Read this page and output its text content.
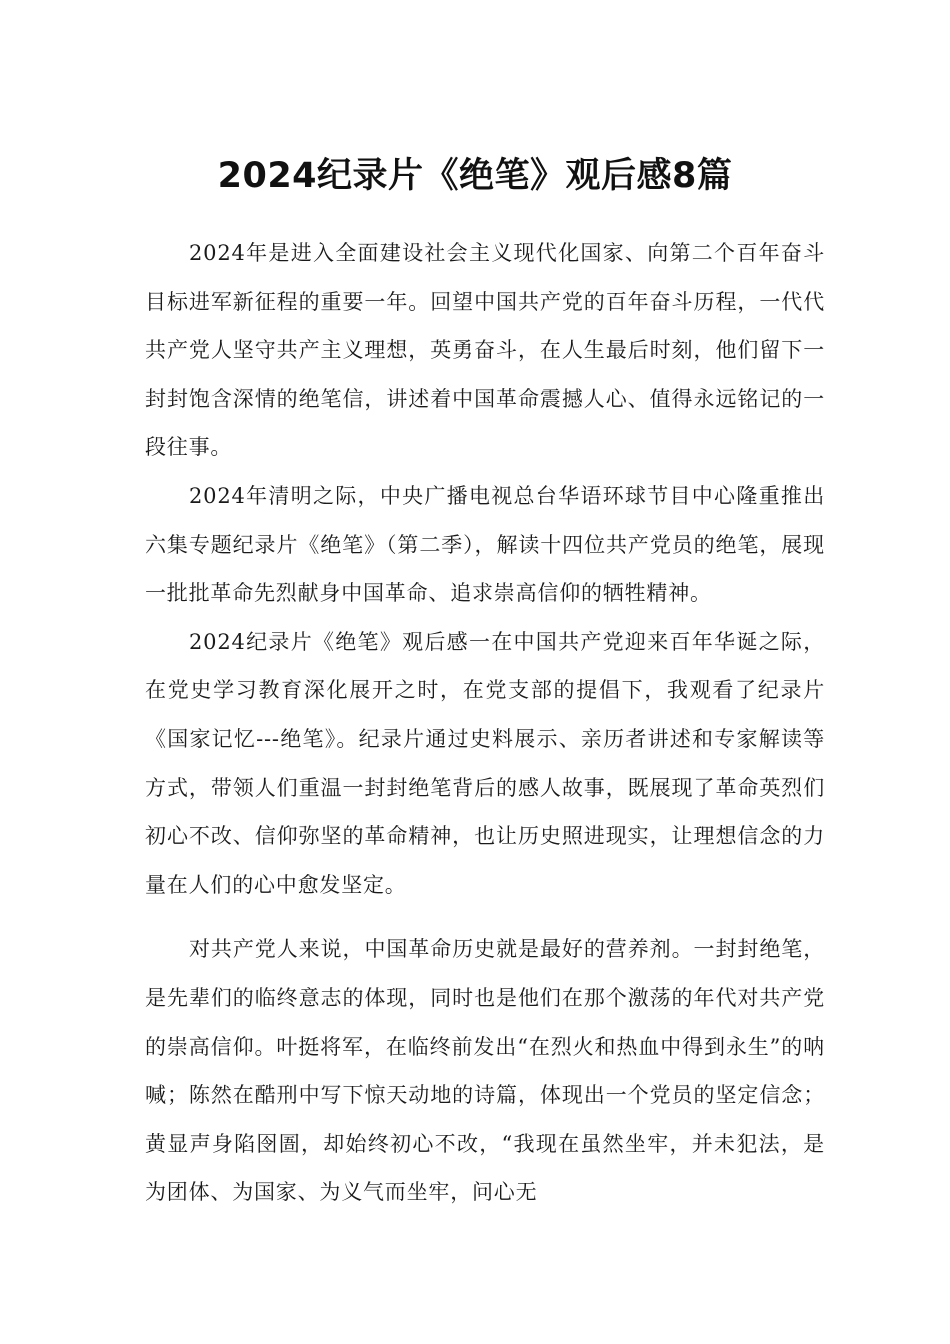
2024纪录片《绝笔》观后感8篇

2024年是进入全面建设社会主义现代化国家、向第二个百年奋斗目标进军新征程的重要一年。回望中国共产党的百年奋斗历程，一代代共产党人坚守共产主义理想，英勇奋斗，在人生最后时刻，他们留下一封封饱含深情的绝笔信，讲述着中国革命震撼人心、值得永远铭记的一段往事。

2024年清明之际，中央广播电视总台华语环球节目中心隆重推出六集专题纪录片《绝笔》（第二季），解读十四位共产党员的绝笔，展现一批批革命先烈献身中国革命、追求崇高信仰的牺牲精神。

2024纪录片《绝笔》观后感一在中国共产党迎来百年华诞之际，在党史学习教育深化展开之时，在党支部的提倡下，我观看了纪录片《国家记忆---绝笔》。纪录片通过史料展示、亲历者讲述和专家解读等方式，带领人们重温一封封绝笔背后的感人故事，既展现了革命英烈们初心不改、信仰弥坚的革命精神，也让历史照进现实，让理想信念的力量在人们的心中愈发坚定。

对共产党人来说，中国革命历史就是最好的营养剂。一封封绝笔，是先辈们的临终意志的体现，同时也是他们在那个激荡的年代对共产党的崇高信仰。叶挺将军，在临终前发出“在烈火和热血中得到永生”的呐喊；陈然在酷刑中写下惊天动地的诗篇，体现出一个党员的坚定信念；黄显声身陷囹圄，却始终初心不改，“我现在虽然坐牢，并未犯法，是为团体、为国家、为义气而坐牢，问心无
